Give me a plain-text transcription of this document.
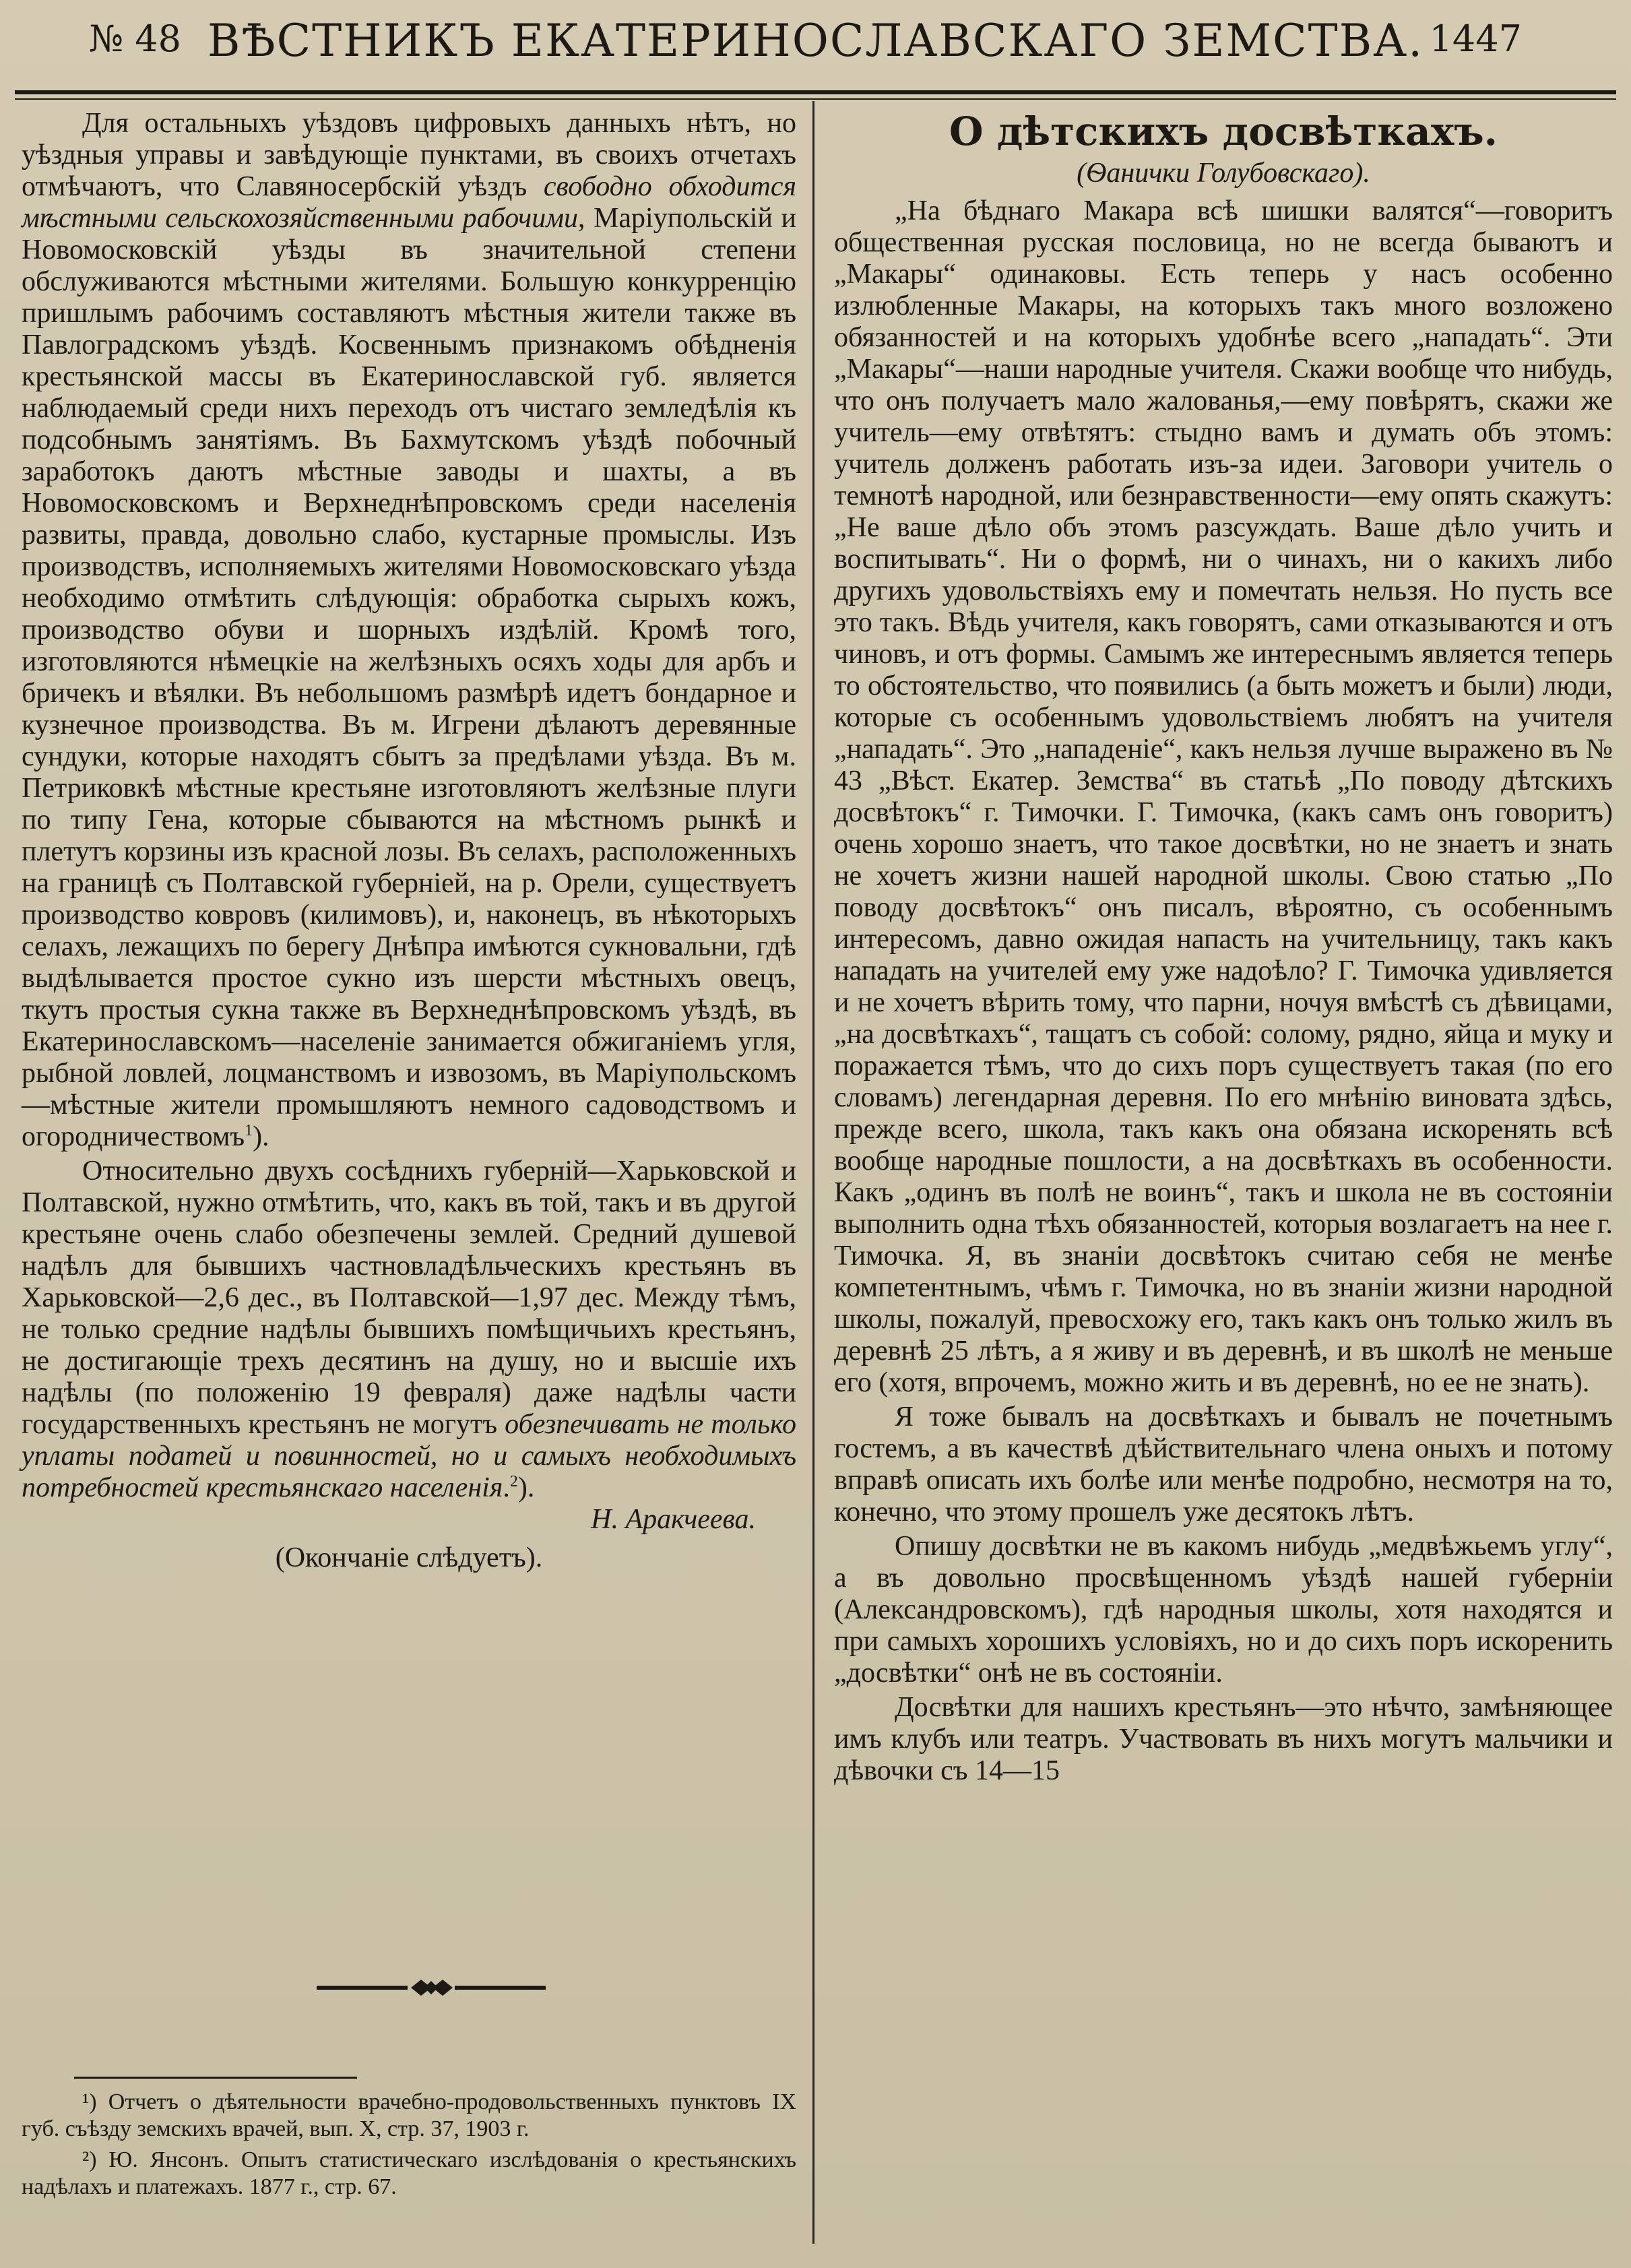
№ 48 ВѢСТНИКЪ ЕКАТЕРИНОСЛАВСКАГО ЗЕМСТВА. 1447

Для остальныхъ уѣздовъ цифровыхъ данныхъ нѣтъ, но уѣздныя управы и завѣдующiе пунктами, въ своихъ отчетахъ отмѣчаютъ, что Славяносербскiй уѣздъ свободно обходится мѣстными сельскохозяйственными рабочими, Марiупольскiй и Новомосковскiй уѣзды въ значительной степени обслуживаются мѣстными жителями. Большую конкурренцiю пришлымъ рабочимъ составляютъ мѣстныя жители также въ Павлоградскомъ уѣздѣ. Косвеннымъ признакомъ обѣдненiя крестьянской массы въ Екатеринославской губ. является наблюдаемый среди нихъ переходъ отъ чистаго земледѣлiя къ подсобнымъ занятiямъ. Въ Бахмутскомъ уѣздѣ побочный заработокъ даютъ мѣстные заводы и шахты, а въ Новомосковскомъ и Верхнеднѣпровскомъ среди населенiя развиты, правда, довольно слабо, кустарные промыслы. Изъ производствъ, исполняемыхъ жителями Новомосковскаго уѣзда необходимо отмѣтить слѣдующiя: обработка сырыхъ кожъ, производство обуви и шорныхъ издѣлiй. Кромѣ того, изготовляются нѣмецкiе на желѣзныхъ осяхъ ходы для арбъ и бричекъ и вѣялки. Въ небольшомъ размѣрѣ идетъ бондарное и кузнечное производства. Въ м. Игрени дѣлаютъ деревянные сундуки, которые находятъ сбытъ за предѣлами уѣзда. Въ м. Петриковкѣ мѣстные крестьяне изготовляютъ желѣзные плуги по типу Гена, которые сбываются на мѣстномъ рынкѣ и плетутъ корзины изъ красной лозы. Въ селахъ, расположенныхъ на границѣ съ Полтавской губернiей, на р. Орели, существуетъ производство ковровъ (килимовъ), и, наконецъ, въ нѣкоторыхъ селахъ, лежащихъ по берегу Днѣпра имѣются сукновальни, гдѣ выдѣлывается простое сукно изъ шерсти мѣстныхъ овецъ, ткутъ простыя сукна также въ Верхнеднѣпровскомъ уѣздѣ, въ Екатеринославскомъ—населенiе занимается обжиганiемъ угля, рыбной ловлей, лоцманствомъ и извозомъ, въ Марiупольскомъ—мѣстные жители промышляютъ немного садоводствомъ и огородничествомъ$^1$).

Относительно двухъ сосѣднихъ губернiй—Харьковской и Полтавской, нужно отмѣтить, что, какъ въ той, такъ и въ другой крестьяне очень слабо обезпечены землей. Средний душевой надѣлъ для бывшихъ частновладѣльческихъ крестьянъ въ Харьковской—2,6 дес., въ Полтавской—1,97 дес. Между тѣмъ, не только средние надѣлы бывшихъ помѣщичьихъ крестьянъ, не достигающiе трехъ десятинъ на душу, но и высшiе ихъ надѣлы (по положенiю 19 февраля) даже надѣлы части государственныхъ крестьянъ не могутъ обезпечивать не только уплаты податей и повинностей, но и самыхъ необходимыхъ потребностей крестьянскаго населенiя.$^2$).
Н. Аракчеева.

(Окончанiе слѣдуетъ).

¹) Отчетъ о дѣятельности врачебно-продовольственныхъ пунктовъ IX губ. съѣзду земскихъ врачей, вып. X, стр. 37, 1903 г.

²) Ю. Янсонъ. Опытъ статистическаго изслѣдованiя о крестьянскихъ надѣлахъ и платежахъ. 1877 г., стр. 67.

О дѣтскихъ досвѣткахъ.
(Ѳанички Голубовскаго).

„На бѣднаго Макара всѣ шишки валятся“—говоритъ общественная русская пословица, но не всегда бываютъ и „Макары“ одинаковы. Есть теперь у насъ особенно излюбленные Макары, на которыхъ такъ много возложено обязанностей и на которыхъ удобнѣе всего „нападать“. Эти „Макары“—наши народные учителя. Скажи вообще что нибудь, что онъ получаетъ мало жалованья,—ему повѣрятъ, скажи же учитель—ему отвѣтятъ: стыдно вамъ и думать объ этомъ: учитель долженъ работать изъ-за идеи. Заговори учитель о темнотѣ народной, или безнравственности—ему опять скажутъ: „Не ваше дѣло объ этомъ разсуждать. Ваше дѣло учить и воспитывать“. Ни о формѣ, ни о чинахъ, ни о какихъ либо другихъ удовольствiяхъ ему и помечтать нельзя. Но пусть все это такъ. Вѣдь учителя, какъ говорятъ, сами отказываются и отъ чиновъ, и отъ формы. Самымъ же интереснымъ является теперь то обстоятельство, что появились (а быть можетъ и были) люди, которые съ особеннымъ удовольствiемъ любятъ на учителя „нападать“. Это „нападенiе“, какъ нельзя лучше выражено въ № 43 „Вѣст. Екатер. Земства“ въ статьѣ „По поводу дѣтскихъ досвѣтокъ“ г. Тимочки. Г. Тимочка, (какъ самъ онъ говоритъ) очень хорошо знаетъ, что такое досвѣтки, но не знаетъ и знать не хочетъ жизни нашей народной школы. Свою статью „По поводу досвѣтокъ“ онъ писалъ, вѣроятно, съ особеннымъ интересомъ, давно ожидая напасть на учительницу, такъ какъ нападать на учителей ему уже надоѣло? Г. Тимочка удивляется и не хочетъ вѣрить тому, что парни, ночуя вмѣстѣ съ дѣвицами, „на досвѣткахъ“, тащатъ съ собой: солому, рядно, яйца и муку и поражается тѣмъ, что до сихъ поръ существуетъ такая (по его словамъ) легендарная деревня. По его мнѣнiю виновата здѣсь, прежде всего, школа, такъ какъ она обязана искоренять всѣ вообще народные пошлости, а на досвѣткахъ въ особенности. Какъ „одинъ въ полѣ не воинъ“, такъ и школа не въ состоянiи выполнить одна тѣхъ обязанностей, которыя возлагаетъ на нее г. Тимочка. Я, въ знанiи досвѣтокъ считаю себя не менѣе компетентнымъ, чѣмъ г. Тимочка, но въ знанiи жизни народной школы, пожалуй, превосхожу его, такъ какъ онъ только жилъ въ деревнѣ 25 лѣтъ, а я живу и въ деревнѣ, и въ школѣ не меньше его (хотя, впрочемъ, можно жить и въ деревнѣ, но ее не знать).

Я тоже бывалъ на досвѣткахъ и бывалъ не почетнымъ гостемъ, а въ качествѣ дѣйствительнаго члена оныхъ и потому вправѣ описать ихъ болѣе или менѣе подробно, несмотря на то, конечно, что этому прошелъ уже десятокъ лѣтъ.

Опишу досвѣтки не въ какомъ нибудь „медвѣжьемъ углу“, а въ довольно просвѣщенномъ уѣздѣ нашей губернiи (Александровскомъ), гдѣ народныя школы, хотя находятся и при самыхъ хорошихъ условiяхъ, но и до сихъ поръ искоренить „досвѣтки“ онѣ не въ состоянiи.

Досвѣтки для нашихъ крестьянъ—это нѣчто, замѣняющее имъ клубъ или театръ. Участвовать въ нихъ могутъ мальчики и дѣвочки съ 14—15
